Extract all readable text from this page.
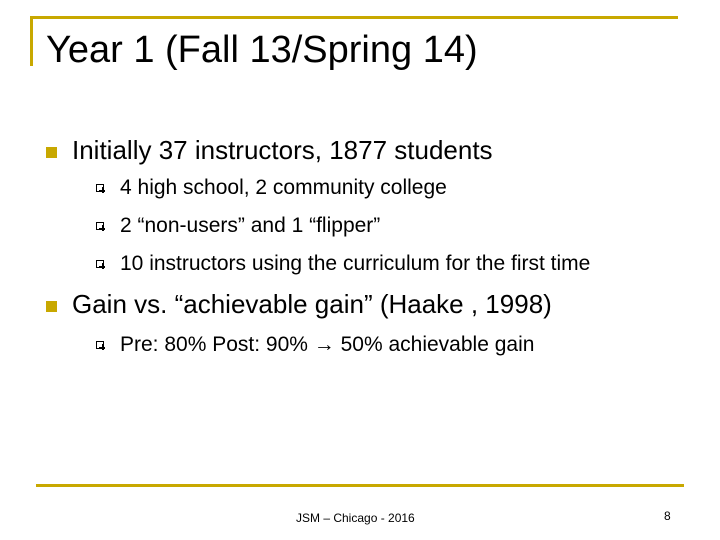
Year 1 (Fall 13/Spring 14)
Initially 37 instructors, 1877 students
4 high school, 2 community college
2 “non-users” and 1 “flipper”
10 instructors using the curriculum for the first time
Gain vs. “achievable gain” (Haake , 1998)
Pre: 80% Post: 90% → 50% achievable gain
JSM – Chicago - 2016	8
